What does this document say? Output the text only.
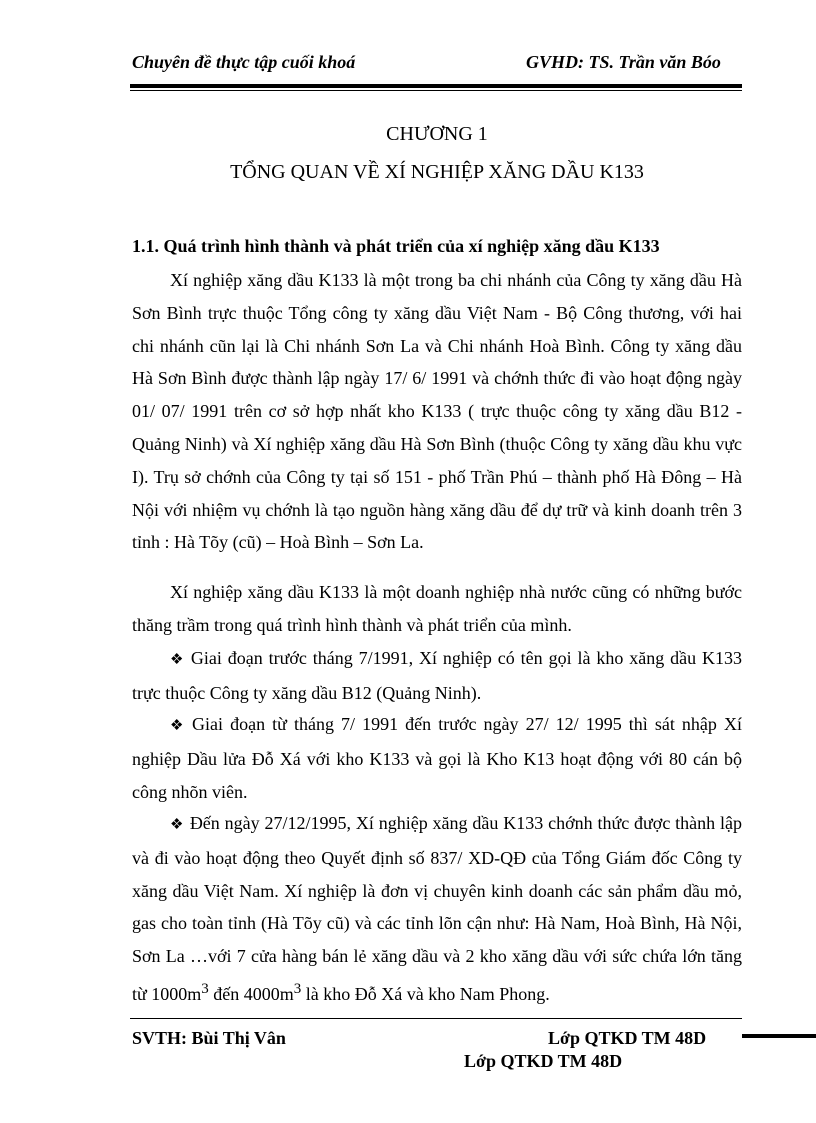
Chuyên đề thực tập cuối khoá	GVHD: TS. Trần văn Bóo
CHƯƠNG 1
TỔNG QUAN VỀ XÍ NGHIỆP XĂNG DẦU K133
1.1. Quá trình hình thành và phát triển của xí nghiệp xăng dầu K133
Xí nghiệp xăng dầu K133 là một trong ba chi nhánh của Công ty xăng dầu Hà Sơn Bình trực thuộc Tổng công ty xăng dầu Việt Nam - Bộ Công thương, với hai chi nhánh cũn lại là Chi nhánh Sơn La và Chi nhánh Hoà Bình. Công ty xăng dầu Hà Sơn Bình được thành lập ngày 17/ 6/ 1991 và chớnh thức đi vào hoạt động ngày 01/ 07/ 1991 trên cơ sở hợp nhất kho K133 ( trực thuộc công ty xăng dầu B12 - Quảng Ninh) và Xí nghiệp xăng dầu Hà Sơn Bình (thuộc Công ty xăng dầu khu vực I). Trụ sở chớnh của Công ty tại số 151 - phố Trần Phú – thành phố Hà Đông – Hà Nội với nhiệm vụ chớnh là tạo nguồn hàng xăng dầu để dự trữ và kinh doanh trên 3 tỉnh : Hà Tõy (cũ) – Hoà Bình – Sơn La.
Xí nghiệp xăng dầu K133 là một doanh nghiệp nhà nước cũng có những bước thăng trầm trong quá trình hình thành và phát triển của mình.
❖ Giai đoạn trước tháng 7/1991, Xí nghiệp có tên gọi là kho xăng dầu K133 trực thuộc Công ty xăng dầu B12 (Quảng Ninh).
❖ Giai đoạn từ tháng 7/ 1991 đến trước ngày 27/ 12/ 1995 thì sát nhập Xí nghiệp Dầu lửa Đỗ Xá với kho K133 và gọi là Kho K13 hoạt động với 80 cán bộ công nhõn viên.
❖ Đến ngày 27/12/1995, Xí nghiệp xăng dầu K133 chớnh thức được thành lập và đi vào hoạt động theo Quyết định số 837/ XD-QĐ của Tổng Giám đốc Công ty xăng dầu Việt Nam. Xí nghiệp là đơn vị chuyên kinh doanh các sản phẩm dầu mỏ, gas cho toàn tỉnh (Hà Tõy cũ) và các tỉnh lõn cận như: Hà Nam, Hoà Bình, Hà Nội, Sơn La …với 7 cửa hàng bán lẻ xăng dầu và 2 kho xăng dầu với sức chứa lớn tăng từ $1000m^3$ đến $4000m^3$ là kho Đỗ Xá và kho Nam Phong.
SVTH: Bùi Thị Vân	Lớp QTKD TM 48D
Lớp QTKD TM 48D
